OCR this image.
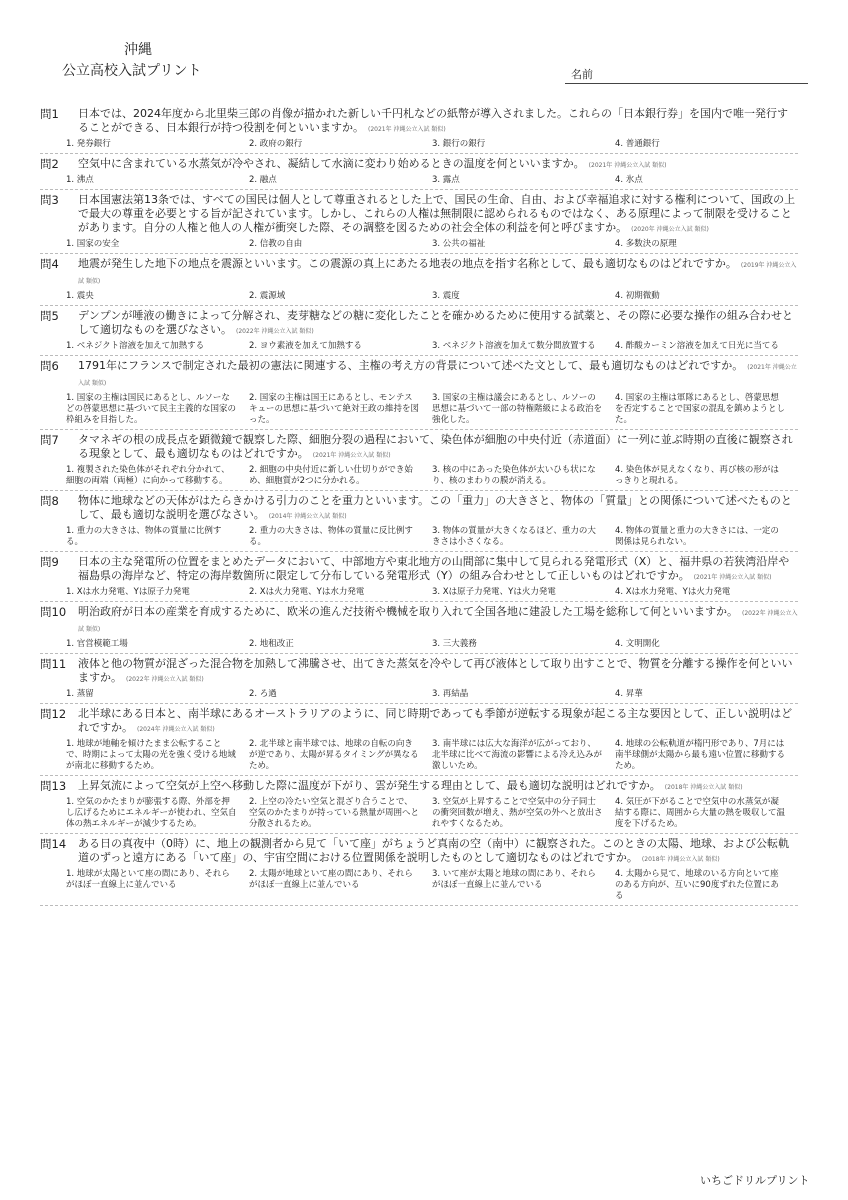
沖縄
公立高校入試プリント	名前
問1 日本では、2024年度から北里柴三郎の肖像が描かれた新しい千円札などの紙幣が導入されました。これらの「日本銀行券」を国内で唯一発行することができる、日本銀行が持つ役割を何といいますか。 (2021年 沖縄公立入試 類似)
1. 発券銀行	2. 政府の銀行	3. 銀行の銀行	4. 普通銀行
問2 空気中に含まれている水蒸気が冷やされ、凝結して水滴に変わり始めるときの温度を何といいますか。 (2021年 沖縄公立入試 類似)
1. 沸点	2. 融点	3. 露点	4. 氷点
問3 日本国憲法第13条では、すべての国民は個人として尊重されるとした上で、国民の生命、自由、および幸福追求に対する権利について、国政の上で最大の尊重を必要とする旨が記されています。しかし、これらの人権は無制限に認められるものではなく、ある原理によって制限を受けることがあります。自分の人権と他人の人権が衝突した際、その調整を図るための社会全体の利益を何と呼びますか。 (2020年 沖縄公立入試 類似)
1. 国家の安全	2. 信教の自由	3. 公共の福祉	4. 多数決の原理
問4 地震が発生した地下の地点を震源といいます。この震源の真上にあたる地表の地点を指す名称として、最も適切なものはどれですか。 (2019年 沖縄公立入試 類似)
1. 震央	2. 震源域	3. 震度	4. 初期微動
問5 デンプンが唾液の働きによって分解され、麦芽糖などの糖に変化したことを確かめるために使用する試薬と、その際に必要な操作の組み合わせとして適切なものを選びなさい。 (2022年 沖縄公立入試 類似)
1. ベネジクト溶液を加えて加熱する	2. ヨウ素液を加えて加熱する	3. ベネジクト溶液を加えて数分間放置する	4. 酢酸カーミン溶液を加えて日光に当てる
問6 1791年にフランスで制定された最初の憲法に関連する、主権の考え方の背景について述べた文として、最も適切なものはどれですか。 (2021年 沖縄公立入試 類似)
1. 国家の主権は国民にあるとし、ルソーなどの啓蒙思想に基づいて民主主義的な国家の枠組みを目指した。
2. 国家の主権は国王にあるとし、モンテスキューの思想に基づいて絶対王政の維持を図った。
3. 国家の主権は議会にあるとし、ルソーの思想に基づいて一部の特権階級による政治を強化した。
4. 国家の主権は軍隊にあるとし、啓蒙思想を否定することで国家の混乱を鎮めようとした。
問7 タマネギの根の成長点を顕微鏡で観察した際、細胞分裂の過程において、染色体が細胞の中央付近（赤道面）に一列に並ぶ時期の直後に観察される現象として、最も適切なものはどれですか。 (2021年 沖縄公立入試 類似)
1. 複製された染色体がそれぞれ分かれて、細胞の両端（両極）に向かって移動する。
2. 細胞の中央付近に新しい仕切りができ始め、細胞質が2つに分かれる。
3. 核の中にあった染色体が太いひも状になり、核のまわりの膜が消える。
4. 染色体が見えなくなり、再び核の形がはっきりと現れる。
問8 物体に地球などの天体がはたらきかける引力のことを重力といいます。この「重力」の大きさと、物体の「質量」との関係について述べたものとして、最も適切な説明を選びなさい。 (2014年 沖縄公立入試 類似)
1. 重力の大きさは、物体の質量に比例する。
2. 重力の大きさは、物体の質量に反比例する。
3. 物体の質量が大きくなるほど、重力の大きさは小さくなる。
4. 物体の質量と重力の大きさには、一定の関係は見られない。
問9 日本の主な発電所の位置をまとめたデータにおいて、中部地方や東北地方の山間部に集中して見られる発電形式（X）と、福井県の若狭湾沿岸や福島県の海岸など、特定の海岸数箇所に限定して分布している発電形式（Y）の組み合わせとして正しいものはどれですか。 (2021年 沖縄公立入試 類似)
1. Xは水力発電、Yは原子力発電	2. Xは火力発電、Yは水力発電	3. Xは原子力発電、Yは火力発電	4. Xは水力発電、Yは火力発電
問10 明治政府が日本の産業を育成するために、欧米の進んだ技術や機械を取り入れて全国各地に建設した工場を総称して何といいますか。 (2022年 沖縄公立入試 類似)
1. 官営模範工場	2. 地租改正	3. 三大義務	4. 文明開化
問11 液体と他の物質が混ざった混合物を加熱して沸騰させ、出てきた蒸気を冷やして再び液体として取り出すことで、物質を分離する操作を何といいますか。 (2022年 沖縄公立入試 類似)
1. 蒸留	2. ろ過	3. 再結晶	4. 昇華
問12 北半球にある日本と、南半球にあるオーストラリアのように、同じ時期であっても季節が逆転する現象が起こる主な要因として、正しい説明はどれですか。 (2024年 沖縄公立入試 類似)
1. 地球が地軸を傾けたまま公転することで、時期によって太陽の光を強く受ける地域が南北に移動するため。
2. 北半球と南半球では、地球の自転の向きが逆であり、太陽が昇るタイミングが異なるため。
3. 南半球には広大な海洋が広がっており、北半球に比べて海流の影響による冷え込みが激しいため。
4. 地球の公転軌道が楕円形であり、7月には南半球側が太陽から最も遠い位置に移動するため。
問13 上昇気流によって空気が上空へ移動した際に温度が下がり、雲が発生する理由として、最も適切な説明はどれですか。 (2018年 沖縄公立入試 類似)
1. 空気のかたまりが膨張する際、外部を押し広げるためにエネルギーが使われ、空気自体の熱エネルギーが減少するため。
2. 上空の冷たい空気と混ざり合うことで、空気のかたまりが持っている熱量が周囲へと分散されるため。
3. 空気が上昇することで空気中の分子同士の衝突回数が増え、熱が空気の外へと放出されやすくなるため。
4. 気圧が下がることで空気中の水蒸気が凝結する際に、周囲から大量の熱を吸収して温度を下げるため。
問14 ある日の真夜中（0時）に、地上の観測者から見て「いて座」がちょうど真南の空（南中）に観察された。このときの太陽、地球、および公転軌道のずっと遠方にある「いて座」の、宇宙空間における位置関係を説明したものとして適切なものはどれですか。 (2018年 沖縄公立入試 類似)
1. 地球が太陽といて座の間にあり、それらがほぼ一直線上に並んでいる
2. 太陽が地球といて座の間にあり、それらがほぼ一直線上に並んでいる
3. いて座が太陽と地球の間にあり、それらがほぼ一直線上に並んでいる
4. 太陽から見て、地球のいる方向といて座のある方向が、互いに90度ずれた位置にある
いちごドリルプリント
